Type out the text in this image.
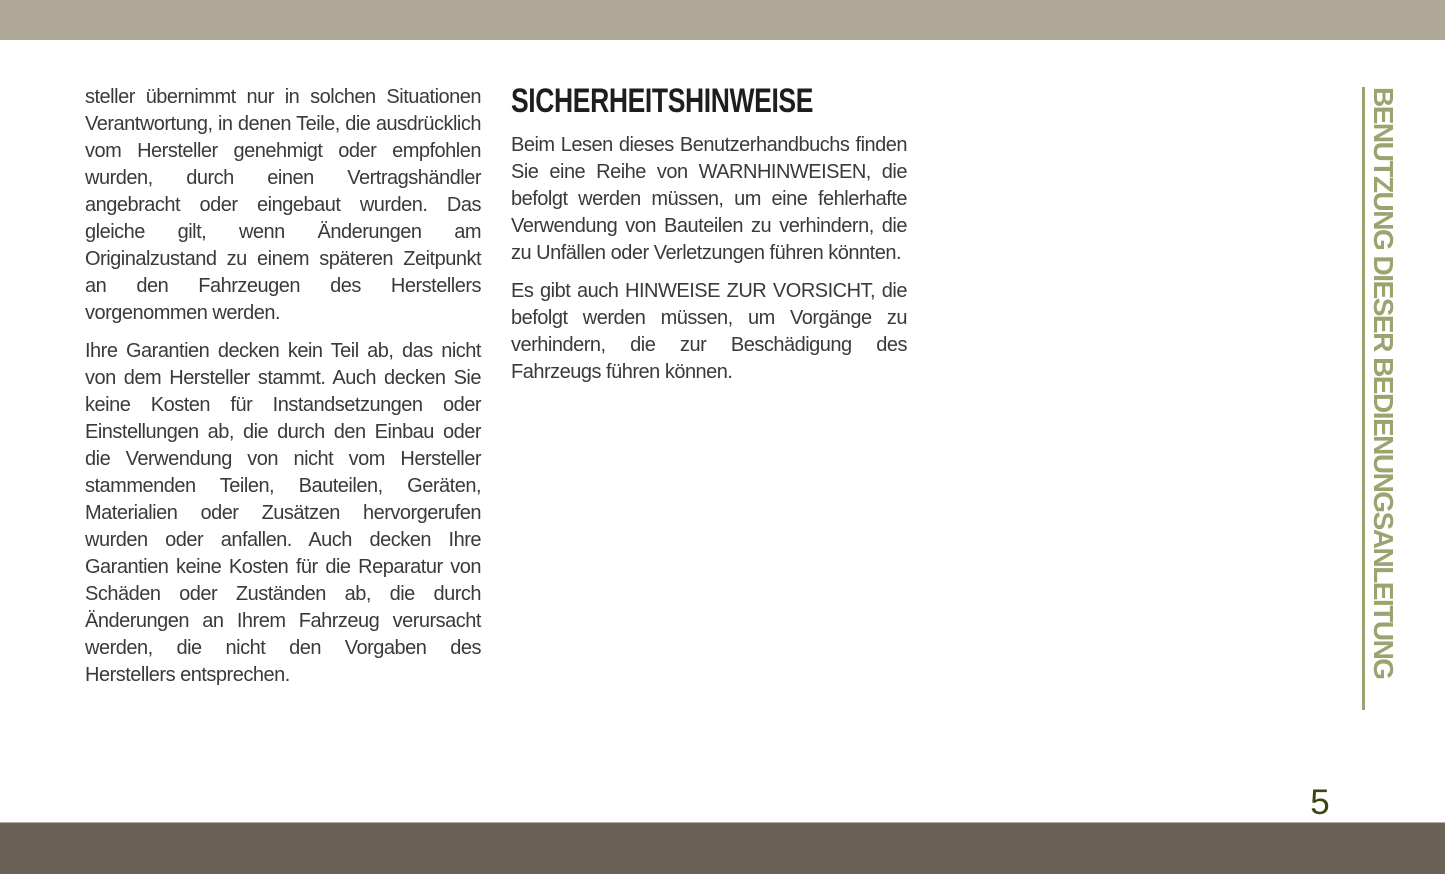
steller übernimmt nur in solchen Situationen Verantwortung, in denen Teile, die ausdrücklich vom Hersteller genehmigt oder empfohlen wurden, durch einen Vertragshändler angebracht oder eingebaut wurden. Das gleiche gilt, wenn Änderungen am Originalzustand zu einem späteren Zeitpunkt an den Fahrzeugen des Herstellers vorgenommen werden.

Ihre Garantien decken kein Teil ab, das nicht von dem Hersteller stammt. Auch decken Sie keine Kosten für Instandsetzungen oder Einstellungen ab, die durch den Einbau oder die Verwendung von nicht vom Hersteller stammenden Teilen, Bauteilen, Geräten, Materialien oder Zusätzen hervorgerufen wurden oder anfallen. Auch decken Ihre Garantien keine Kosten für die Reparatur von Schäden oder Zuständen ab, die durch Änderungen an Ihrem Fahrzeug verursacht werden, die nicht den Vorgaben des Herstellers entsprechen.

SICHERHEITSHINWEISE

Beim Lesen dieses Benutzerhandbuchs finden Sie eine Reihe von WARNHINWEISEN, die befolgt werden müssen, um eine fehlerhafte Verwendung von Bauteilen zu verhindern, die zu Unfällen oder Verletzungen führen könnten.

Es gibt auch HINWEISE ZUR VORSICHT, die befolgt werden müssen, um Vorgänge zu verhindern, die zur Beschädigung des Fahrzeugs führen können.	BENUTZUNG DIESER BEDIENUNGSANLEITUNG
5
